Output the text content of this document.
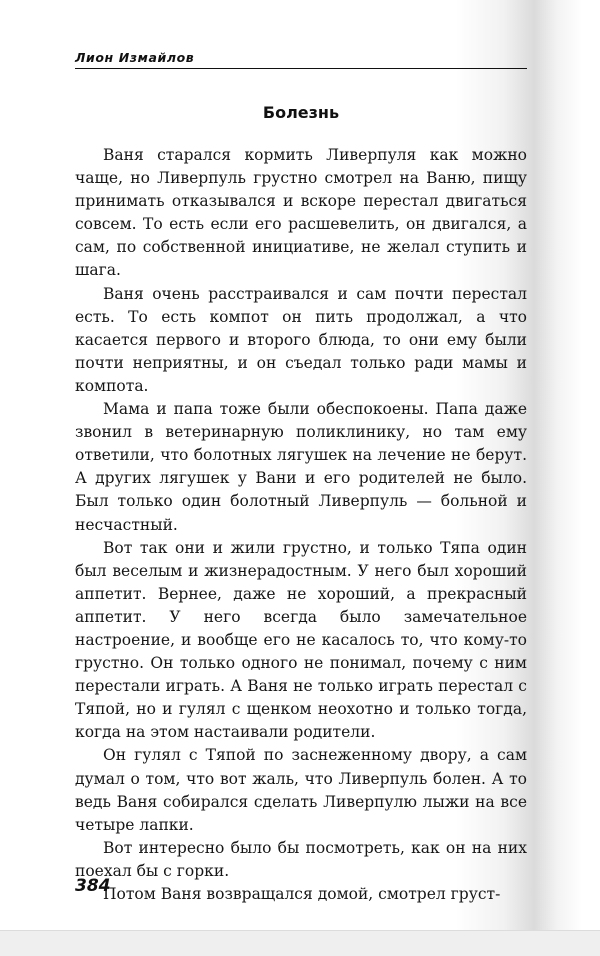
Лион Измайлов
Болезнь

Ваня старался кормить Ливерпуля как можно чаще, но Ливерпуль грустно смотрел на Ваню, пищу принимать отказывался и вскоре перестал двигаться совсем. То есть если его расшевелить, он двигался, а сам, по собственной инициативе, не желал ступить и шага.

Ваня очень расстраивался и сам почти перестал есть. То есть компот он пить продолжал, а что касается первого и второго блюда, то они ему были почти неприятны, и он съедал только ради мамы и компота.

Мама и папа тоже были обеспокоены. Папа даже звонил в ветеринарную поликлинику, но там ему ответили, что болотных лягушек на лечение не берут. А других лягушек у Вани и его родителей не было. Был только один болотный Ливерпуль — больной и несчастный.

Вот так они и жили грустно, и только Тяпа один был веселым и жизнерадостным. У него был хороший аппетит. Вернее, даже не хороший, а прекрасный аппетит. У него всегда было замечательное настроение, и вообще его не касалось то, что кому-то грустно. Он только одного не понимал, почему с ним перестали играть. А Ваня не только играть перестал с Тяпой, но и гулял с щенком неохотно и только тогда, когда на этом настаивали родители.

Он гулял с Тяпой по заснеженному двору, а сам думал о том, что вот жаль, что Ливерпуль болен. А то ведь Ваня собирался сделать Ливерпулю лыжи на все четыре лапки.

Вот интересно было бы посмотреть, как он на них поехал бы с горки.

Потом Ваня возвращался домой, смотрел груст-

384
